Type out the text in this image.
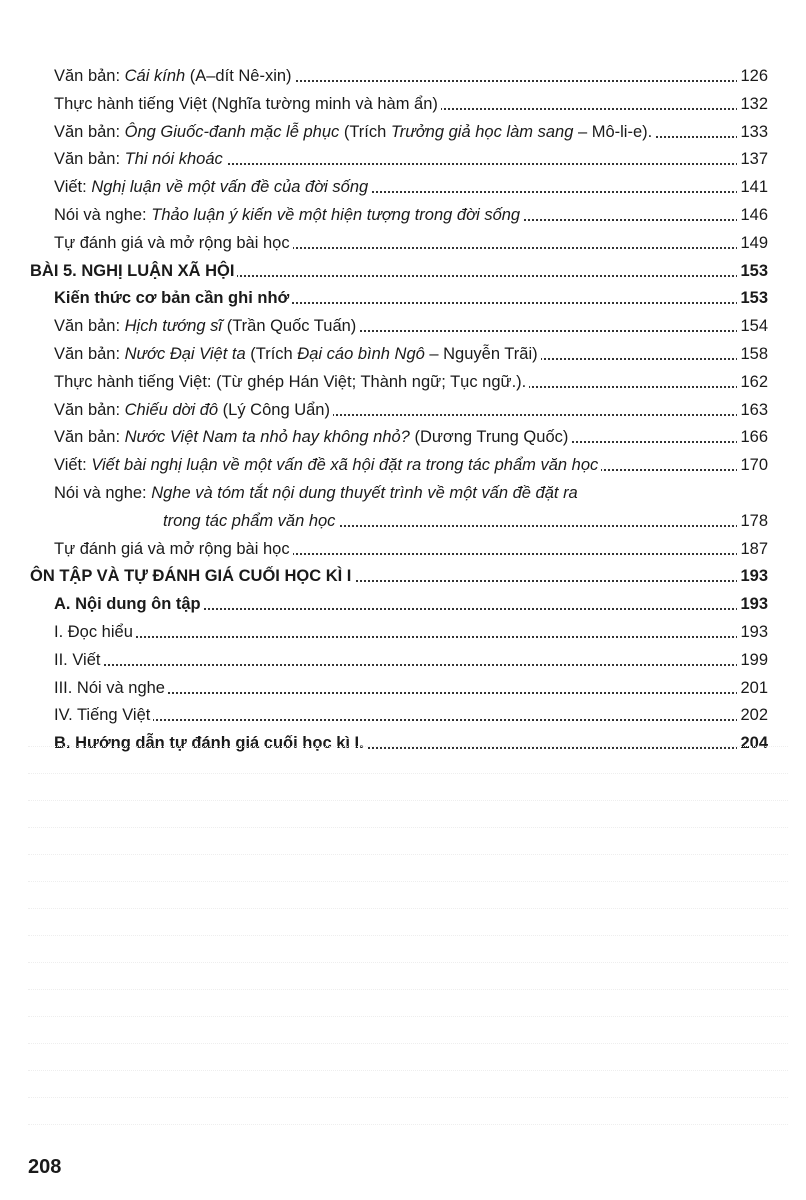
Văn bản: Cái kính (A–dít Nê-xin)	126
Thực hành tiếng Việt (Nghĩa tường minh và hàm ẩn)	132
Văn bản: Ông Giuốc-đanh mặc lễ phục (Trích Trưởng giả học làm sang – Mô-li-e).	133
Văn bản: Thi nói khoác	137
Viết: Nghị luận về một vấn đề của đời sống	141
Nói và nghe: Thảo luận ý kiến về một hiện tượng trong đời sống	146
Tự đánh giá và mở rộng bài học	149
BÀI 5. NGHỊ LUẬN XÃ HỘI	153
Kiến thức cơ bản cần ghi nhớ	153
Văn bản: Hịch tướng sĩ (Trần Quốc Tuấn)	154
Văn bản: Nước Đại Việt ta (Trích Đại cáo bình Ngô – Nguyễn Trãi)	158
Thực hành tiếng Việt: (Từ ghép Hán Việt; Thành ngữ; Tục ngữ.).	162
Văn bản: Chiếu dời đô (Lý Công Uẩn)	163
Văn bản: Nước Việt Nam ta nhỏ hay không nhỏ? (Dương Trung Quốc)	166
Viết: Viết bài nghị luận về một vấn đề xã hội đặt ra trong tác phẩm văn học	170
Nói và nghe: Nghe và tóm tắt nội dung thuyết trình về một vấn đề đặt ra
trong tác phẩm văn học	178
Tự đánh giá và mở rộng bài học	187
ÔN TẬP VÀ TỰ ĐÁNH GIÁ CUỐI HỌC KÌ I	193
A. Nội dung ôn tập	193
I. Đọc hiểu	193
II. Viết	199
III. Nói và nghe	201
IV. Tiếng Việt	202
B. Hướng dẫn tự đánh giá cuối học kì I.	204
208
